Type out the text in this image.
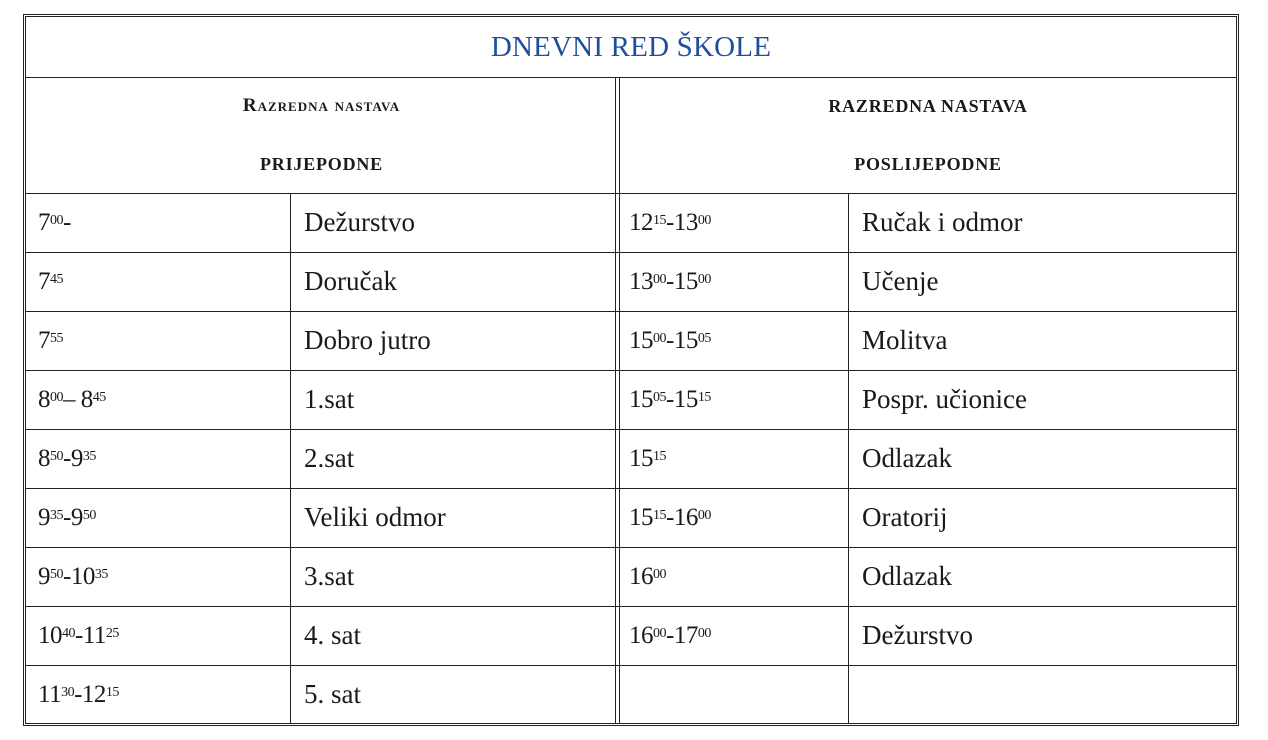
DNEVNI RED ŠKOLE
Razredna nastava
PRIJEPODNE
RAZREDNA NASTAVA
POSLIJEPODNE
$7^{00}$ -	Dežurstvo
$7^{45}$	Doručak
$7^{55}$	Dobro jutro
$8^{00} - 8^{45}$	1.sat
$8^{50}$ $-9^{35}$	2.sat
$9^{35}$ $-9^{50}$	Veliki odmor
$9^{50}$ $-10^{35}$	3.sat
$10^{40}$ $-11^{25}$	4. sat
$11^{30}$ $-12^{15}$	5. sat
$12^{15}$ $-13^{00}$	Ručak i odmor
$13^{00}$ $-15^{00}$	Učenje
$15^{00}$ $-15^{05}$	Molitva
$15^{05}$ $-15^{15}$	Pospr. učionice
$15^{15}$	Odlazak
$15^{15}$ $-16^{00}$	Oratorij
$16^{00}$	Odlazak
$16^{00}$ $-17^{00}$	Dežurstvo
